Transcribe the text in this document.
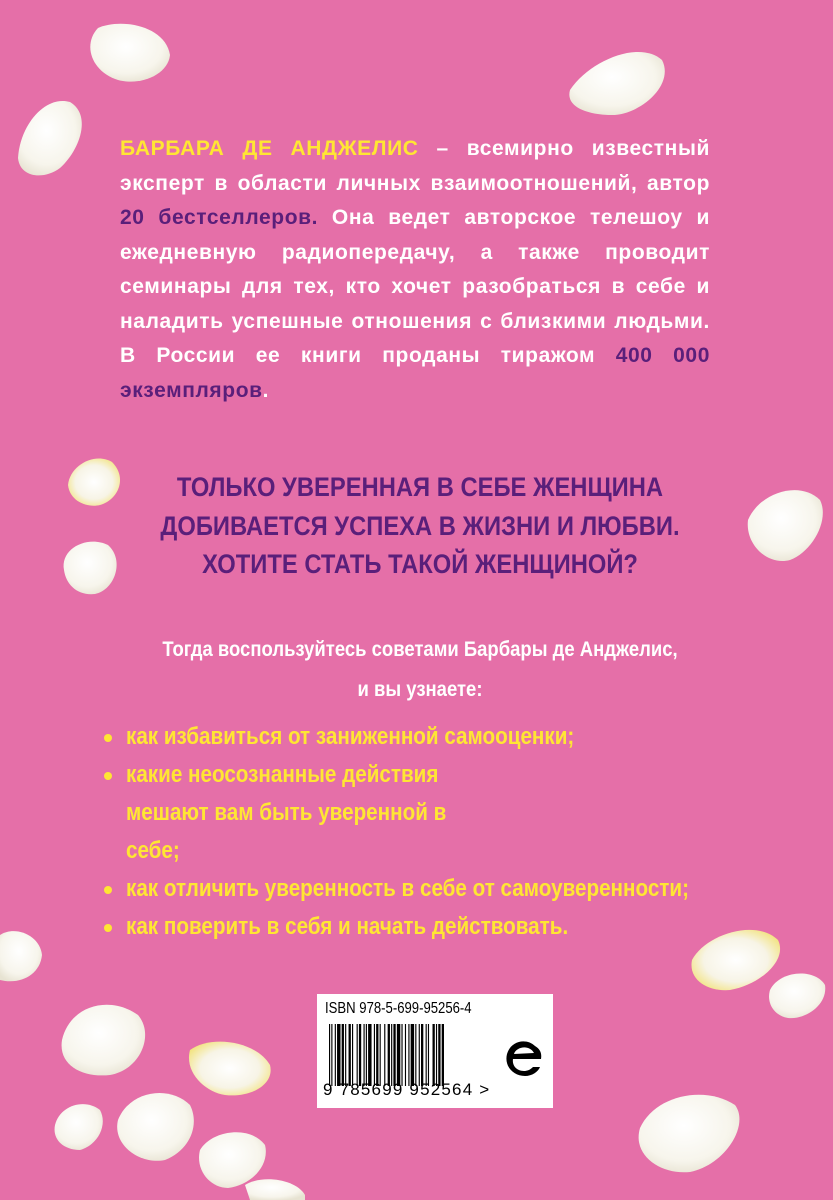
БАРБАРА ДЕ АНДЖЕЛИС – всемирно известный эксперт в области личных взаимоотношений, автор 20 бестселлеров. Она ведет авторское телешоу и ежедневную радиопередачу, а также проводит семинары для тех, кто хочет разобраться в себе и наладить успешные отношения с близкими людьми. В России ее книги проданы тиражом 400 000 экземпляров.
ТОЛЬКО УВЕРЕННАЯ В СЕБЕ ЖЕНЩИНА
ДОБИВАЕТСЯ УСПЕХА В ЖИЗНИ И ЛЮБВИ.
ХОТИТЕ СТАТЬ ТАКОЙ ЖЕНЩИНОЙ?
Тогда воспользуйтесь советами Барбары де Анджелис,
и вы узнаете:
как избавиться от заниженной самооценки;
какие неосознанные действия мешают вам быть уверенной в себе;
как отличить уверенность в себе от самоуверенности;
как поверить в себя и начать действовать.
ISBN 978-5-699-95256-4
9 785699 952564 >
